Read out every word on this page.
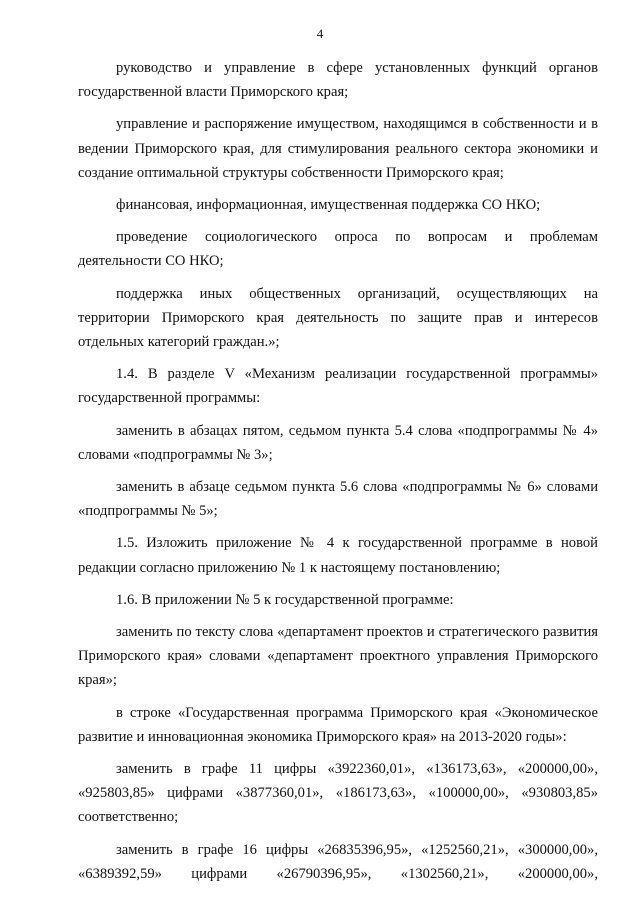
4

руководство и управление в сфере установленных функций органов государственной власти Приморского края;

управление и распоряжение имуществом, находящимся в собственности и в ведении Приморского края, для стимулирования реального сектора экономики и создание оптимальной структуры собственности Приморского края;

финансовая, информационная, имущественная поддержка СО НКО;

проведение социологического опроса по вопросам и проблемам деятельности СО НКО;

поддержка иных общественных организаций, осуществляющих на территории Приморского края деятельность по защите прав и интересов отдельных категорий граждан.»;

1.4. В разделе V «Механизм реализации государственной программы» государственной программы:

заменить в абзацах пятом, седьмом пункта 5.4 слова «подпрограммы № 4» словами «подпрограммы № 3»;

заменить в абзаце седьмом пункта 5.6 слова «подпрограммы № 6» словами «подпрограммы № 5»;

1.5. Изложить приложение № 4 к государственной программе в новой редакции согласно приложению № 1 к настоящему постановлению;

1.6. В приложении № 5 к государственной программе:

заменить по тексту слова «департамент проектов и стратегического развития Приморского края» словами «департамент проектного управления Приморского края»;

в строке «Государственная программа Приморского края «Экономическое развитие и инновационная экономика Приморского края» на 2013-2020 годы»:

заменить в графе 11 цифры «3922360,01», «136173,63», «200000,00», «925803,85» цифрами «3877360,01», «186173,63», «100000,00», «930803,85» соответственно;

заменить в графе 16 цифры «26835396,95», «1252560,21», «300000,00», «6389392,59» цифрами «26790396,95», «1302560,21», «200000,00»,
